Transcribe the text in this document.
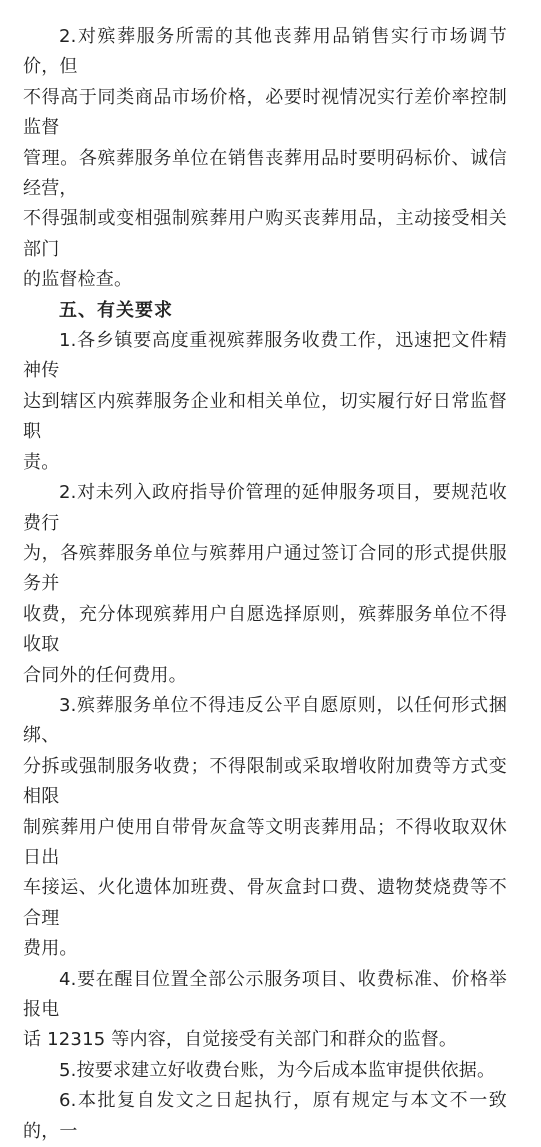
2.对殡葬服务所需的其他丧葬用品销售实行市场调节价，但
不得高于同类商品市场价格，必要时视情况实行差价率控制监督
管理。各殡葬服务单位在销售丧葬用品时要明码标价、诚信经营，
不得强制或变相强制殡葬用户购买丧葬用品，主动接受相关部门
的监督检查。

五、有关要求

1.各乡镇要高度重视殡葬服务收费工作，迅速把文件精神传
达到辖区内殡葬服务企业和相关单位，切实履行好日常监督职
责。

2.对未列入政府指导价管理的延伸服务项目，要规范收费行
为，各殡葬服务单位与殡葬用户通过签订合同的形式提供服务并
收费，充分体现殡葬用户自愿选择原则，殡葬服务单位不得收取
合同外的任何费用。

3.殡葬服务单位不得违反公平自愿原则，以任何形式捆绑、
分拆或强制服务收费；不得限制或采取增收附加费等方式变相限
制殡葬用户使用自带骨灰盒等文明丧葬用品；不得收取双休日出
车接运、火化遗体加班费、骨灰盒封口费、遗物焚烧费等不合理
费用。

4.要在醒目位置全部公示服务项目、收费标准、价格举报电
话 12315 等内容，自觉接受有关部门和群众的监督。

5.按要求建立好收费台账，为今后成本监审提供依据。

6.本批复自发文之日起执行，原有规定与本文不一致的，一
